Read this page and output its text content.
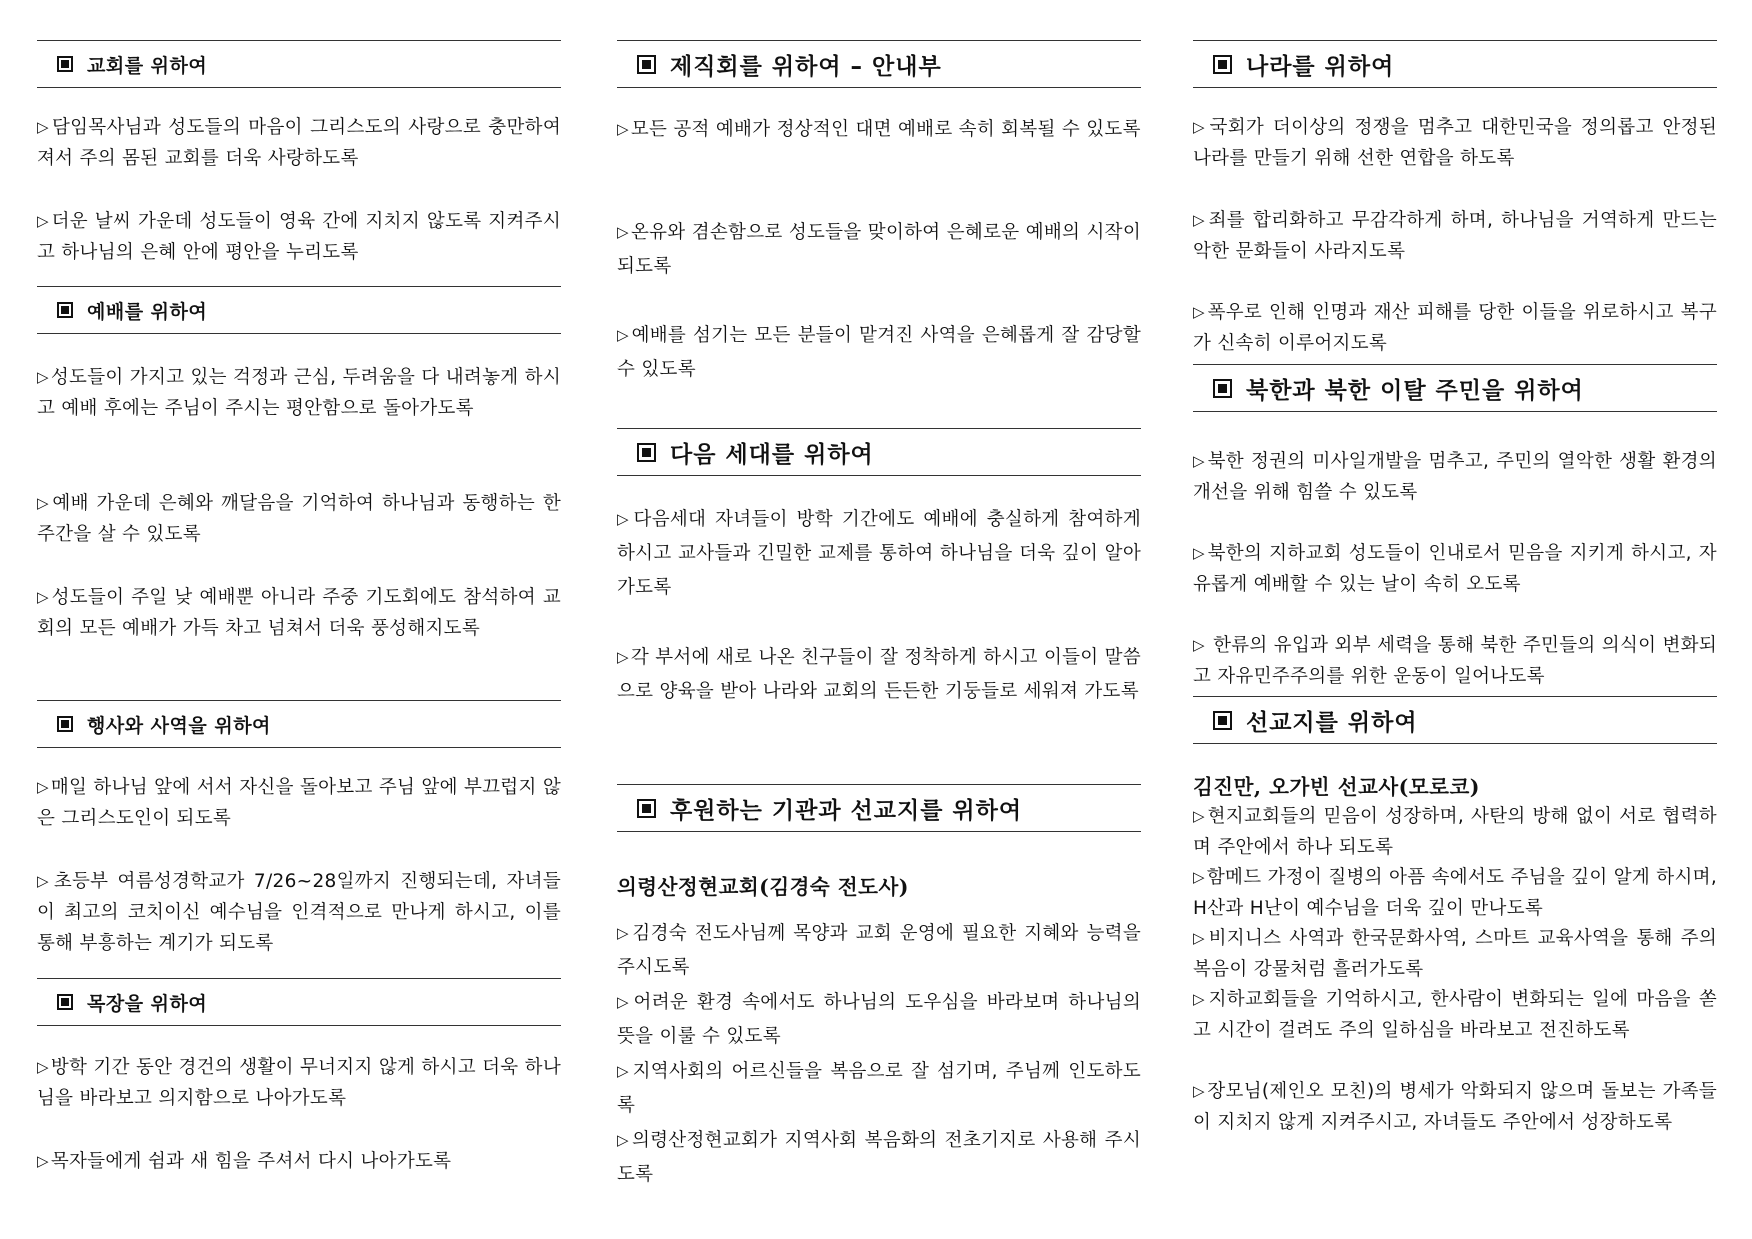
교회를 위하여
▷ 담임목사님과 성도들의 마음이 그리스도의 사랑으로 충만하여져서 주의 몸된 교회를 더욱 사랑하도록
▷ 더운 날씨 가운데 성도들이 영육 간에 지치지 않도록 지켜주시고 하나님의 은혜 안에 평안을 누리도록
예배를 위하여
▷ 성도들이 가지고 있는 걱정과 근심, 두려움을 다 내려놓게 하시고 예배 후에는 주님이 주시는 평안함으로 돌아가도록
▷ 예배 가운데 은혜와 깨달음을 기억하여 하나님과 동행하는 한 주간을 살 수 있도록
▷ 성도들이 주일 낮 예배뿐 아니라 주중 기도회에도 참석하여 교회의 모든 예배가 가득 차고 넘쳐서 더욱 풍성해지도록
행사와 사역을 위하여
▷ 매일 하나님 앞에 서서 자신을 돌아보고 주님 앞에 부끄럽지 않은 그리스도인이 되도록
▷ 초등부 여름성경학교가 7/26~28일까지 진행되는데, 자녀들이 최고의 코치이신 예수님을 인격적으로 만나게 하시고, 이를 통해 부흥하는 계기가 되도록
목장을 위하여
▷ 방학 기간 동안 경건의 생활이 무너지지 않게 하시고 더욱 하나님을 바라보고 의지함으로 나아가도록
▷ 목자들에게 쉼과 새 힘을 주셔서 다시 나아가도록
제직회를 위하여 – 안내부
▷ 모든 공적 예배가 정상적인 대면 예배로 속히 회복될 수 있도록
▷ 온유와 겸손함으로 성도들을 맞이하여 은혜로운 예배의 시작이 되도록
▷ 예배를 섬기는 모든 분들이 맡겨진 사역을 은혜롭게 잘 감당할 수 있도록
다음 세대를 위하여
▷ 다음세대 자녀들이 방학 기간에도 예배에 충실하게 참여하게 하시고 교사들과 긴밀한 교제를 통하여 하나님을 더욱 깊이 알아가도록
▷ 각 부서에 새로 나온 친구들이 잘 정착하게 하시고 이들이 말씀으로 양육을 받아 나라와 교회의 든든한 기둥들로 세워져 가도록
후원하는 기관과 선교지를 위하여
의령산정현교회(김경숙 전도사)
▷ 김경숙 전도사님께 목양과 교회 운영에 필요한 지혜와 능력을 주시도록
▷ 어려운 환경 속에서도 하나님의 도우심을 바라보며 하나님의 뜻을 이룰 수 있도록
▷ 지역사회의 어르신들을 복음으로 잘 섬기며, 주님께 인도하도록
▷ 의령산정현교회가 지역사회 복음화의 전초기지로 사용해 주시도록
나라를 위하여
▷ 국회가 더이상의 정쟁을 멈추고 대한민국을 정의롭고 안정된 나라를 만들기 위해 선한 연합을 하도록
▷ 죄를 합리화하고 무감각하게 하며, 하나님을 거역하게 만드는 악한 문화들이 사라지도록
▷ 폭우로 인해 인명과 재산 피해를 당한 이들을 위로하시고 복구가 신속히 이루어지도록
북한과 북한 이탈 주민을 위하여
▷ 북한 정권의 미사일개발을 멈추고, 주민의 열악한 생활 환경의 개선을 위해 힘쓸 수 있도록
▷ 북한의 지하교회 성도들이 인내로서 믿음을 지키게 하시고, 자유롭게 예배할 수 있는 날이 속히 오도록
▷ 한류의 유입과 외부 세력을 통해 북한 주민들의 의식이 변화되고 자유민주주의를 위한 운동이 일어나도록
선교지를 위하여
김진만, 오가빈 선교사(모로코)
▷ 현지교회들의 믿음이 성장하며, 사탄의 방해 없이 서로 협력하며 주안에서 하나 되도록
▷ 함메드 가정이 질병의 아픔 속에서도 주님을 깊이 알게 하시며, H산과 H난이 예수님을 더욱 깊이 만나도록
▷ 비지니스 사역과 한국문화사역, 스마트 교육사역을 통해 주의 복음이 강물처럼 흘러가도록
▷ 지하교회들을 기억하시고, 한사람이 변화되는 일에 마음을 쏟고 시간이 걸려도 주의 일하심을 바라보고 전진하도록
▷ 장모님(제인오 모친)의 병세가 악화되지 않으며 돌보는 가족들이 지치지 않게 지켜주시고, 자녀들도 주안에서 성장하도록
